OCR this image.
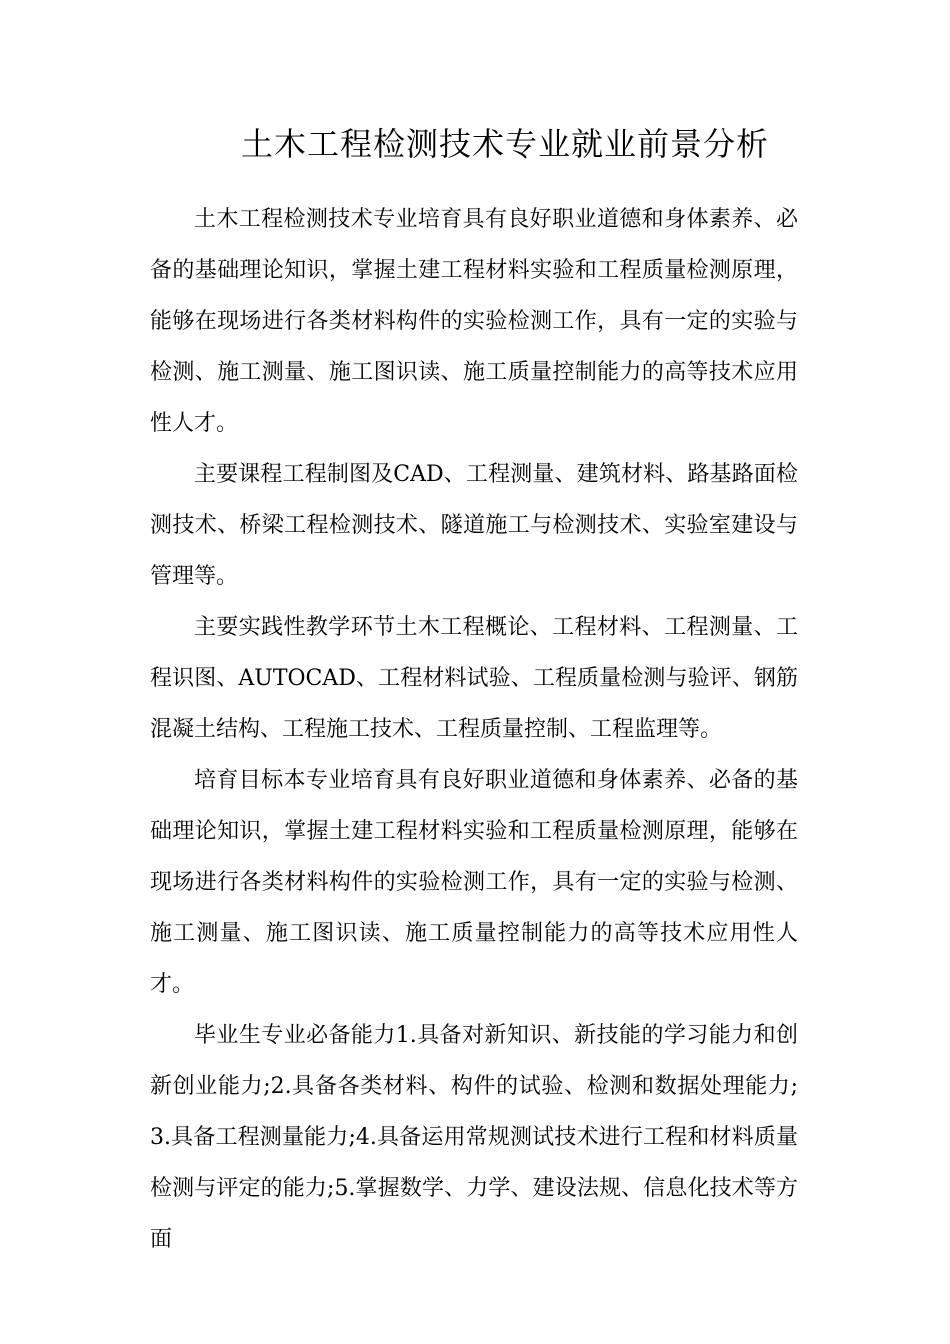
土木工程检测技术专业就业前景分析

土木工程检测技术专业培育具有良好职业道德和身体素养、必备的基础理论知识，掌握土建工程材料实验和工程质量检测原理，能够在现场进行各类材料构件的实验检测工作，具有一定的实验与检测、施工测量、施工图识读、施工质量控制能力的高等技术应用性人才。

主要课程工程制图及CAD、工程测量、建筑材料、路基路面检测技术、桥梁工程检测技术、隧道施工与检测技术、实验室建设与管理等。

主要实践性教学环节土木工程概论、工程材料、工程测量、工程识图、AUTOCAD、工程材料试验、工程质量检测与验评、钢筋混凝土结构、工程施工技术、工程质量控制、工程监理等。

培育目标本专业培育具有良好职业道德和身体素养、必备的基础理论知识，掌握土建工程材料实验和工程质量检测原理，能够在现场进行各类材料构件的实验检测工作，具有一定的实验与检测、施工测量、施工图识读、施工质量控制能力的高等技术应用性人才。

毕业生专业必备能力1.具备对新知识、新技能的学习能力和创新创业能力;2.具备各类材料、构件的试验、检测和数据处理能力;3.具备工程测量能力;4.具备运用常规测试技术进行工程和材料质量检测与评定的能力;5.掌握数学、力学、建设法规、信息化技术等方面
